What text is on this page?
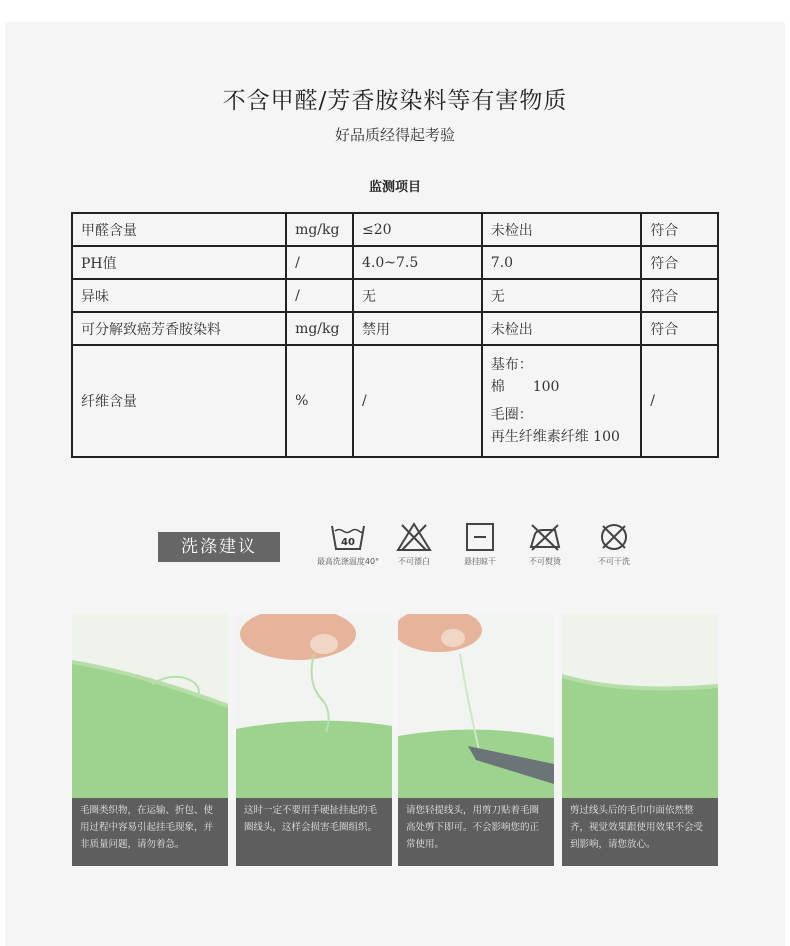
不含甲醛/芳香胺染料等有害物质
好品质经得起考验
监测项目
甲醛含量	mg/kg	≤20	未检出	符合
PH值	/	4.0~7.5	7.0	符合
异味	/	无	无	符合
可分解致癌芳香胺染料	mg/kg	禁用	未检出	符合
纤维含量	%	/	基布：
棉　　100
毛圈：
再生纤维素纤维 100	/
洗涤建议	40
最高洗涤温度40°	不可漂白	悬挂晾干	不可熨烫	不可干洗
毛圈类织物，在运输、折包、使用过程中容易引起挂毛现象，并非质量问题，请勿着急。
这时一定不要用手硬扯挂起的毛圈线头，这样会损害毛圈组织。
请您轻提线头，用剪刀贴着毛圈高处剪下即可。不会影响您的正常使用。
剪过线头后的毛巾巾面依然整齐，视觉效果跟使用效果不会受到影响，请您放心。
